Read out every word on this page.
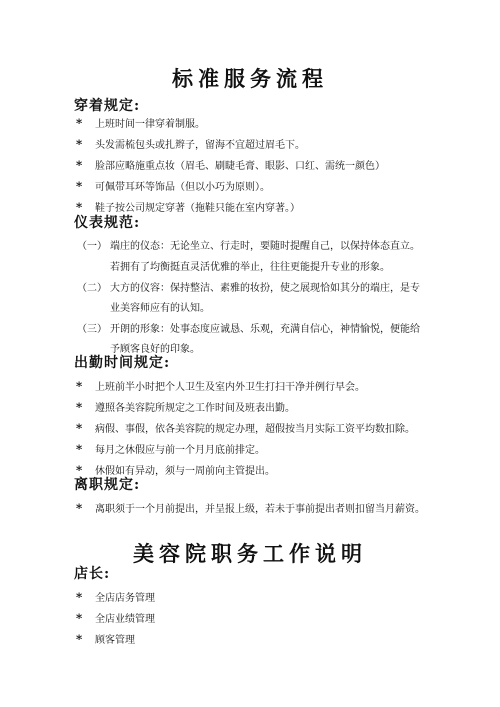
标准服务流程
穿着规定:
∗ 上班时间一律穿着制服。
∗ 头发需梳包头或扎辫子，留海不宜超过眉毛下。
∗ 脸部应略施重点妆（眉毛、刷睫毛膏、眼影、口红、需统一颜色）
∗ 可佩带耳环等饰品（但以小巧为原则）。
∗ 鞋子按公司规定穿著（拖鞋只能在室内穿著。）
仪表规范:
（一） 端庄的仪态：无论坐立、行走时，要随时提醒自己，以保持体态直立。
若拥有了均衡挺直灵活优雅的举止，往往更能提升专业的形象。
（二） 大方的仪容：保持整洁、素雅的妆扮，使之展现恰如其分的端庄，是专
业美容师应有的认知。
（三） 开朗的形象：处事态度应诚恳、乐观，充满自信心，神情愉悦，便能给
予顾客良好的印象。
出勤时间规定:
∗ 上班前半小时把个人卫生及室内外卫生打扫干净并例行早会。
∗ 遵照各美容院所规定之工作时间及班表出勤。
∗ 病假、事假，依各美容院的规定办理，超假按当月实际工资平均数扣除。
∗ 每月之休假应与前一个月月底前排定。
∗ 休假如有异动，须与一周前向主管提出。
离职规定:
∗ 离职须于一个月前提出，并呈报上级，若未于事前提出者则扣留当月薪资。
美容院职务工作说明
店长:
∗ 全店店务管理
∗ 全店业绩管理
∗ 顾客管理
